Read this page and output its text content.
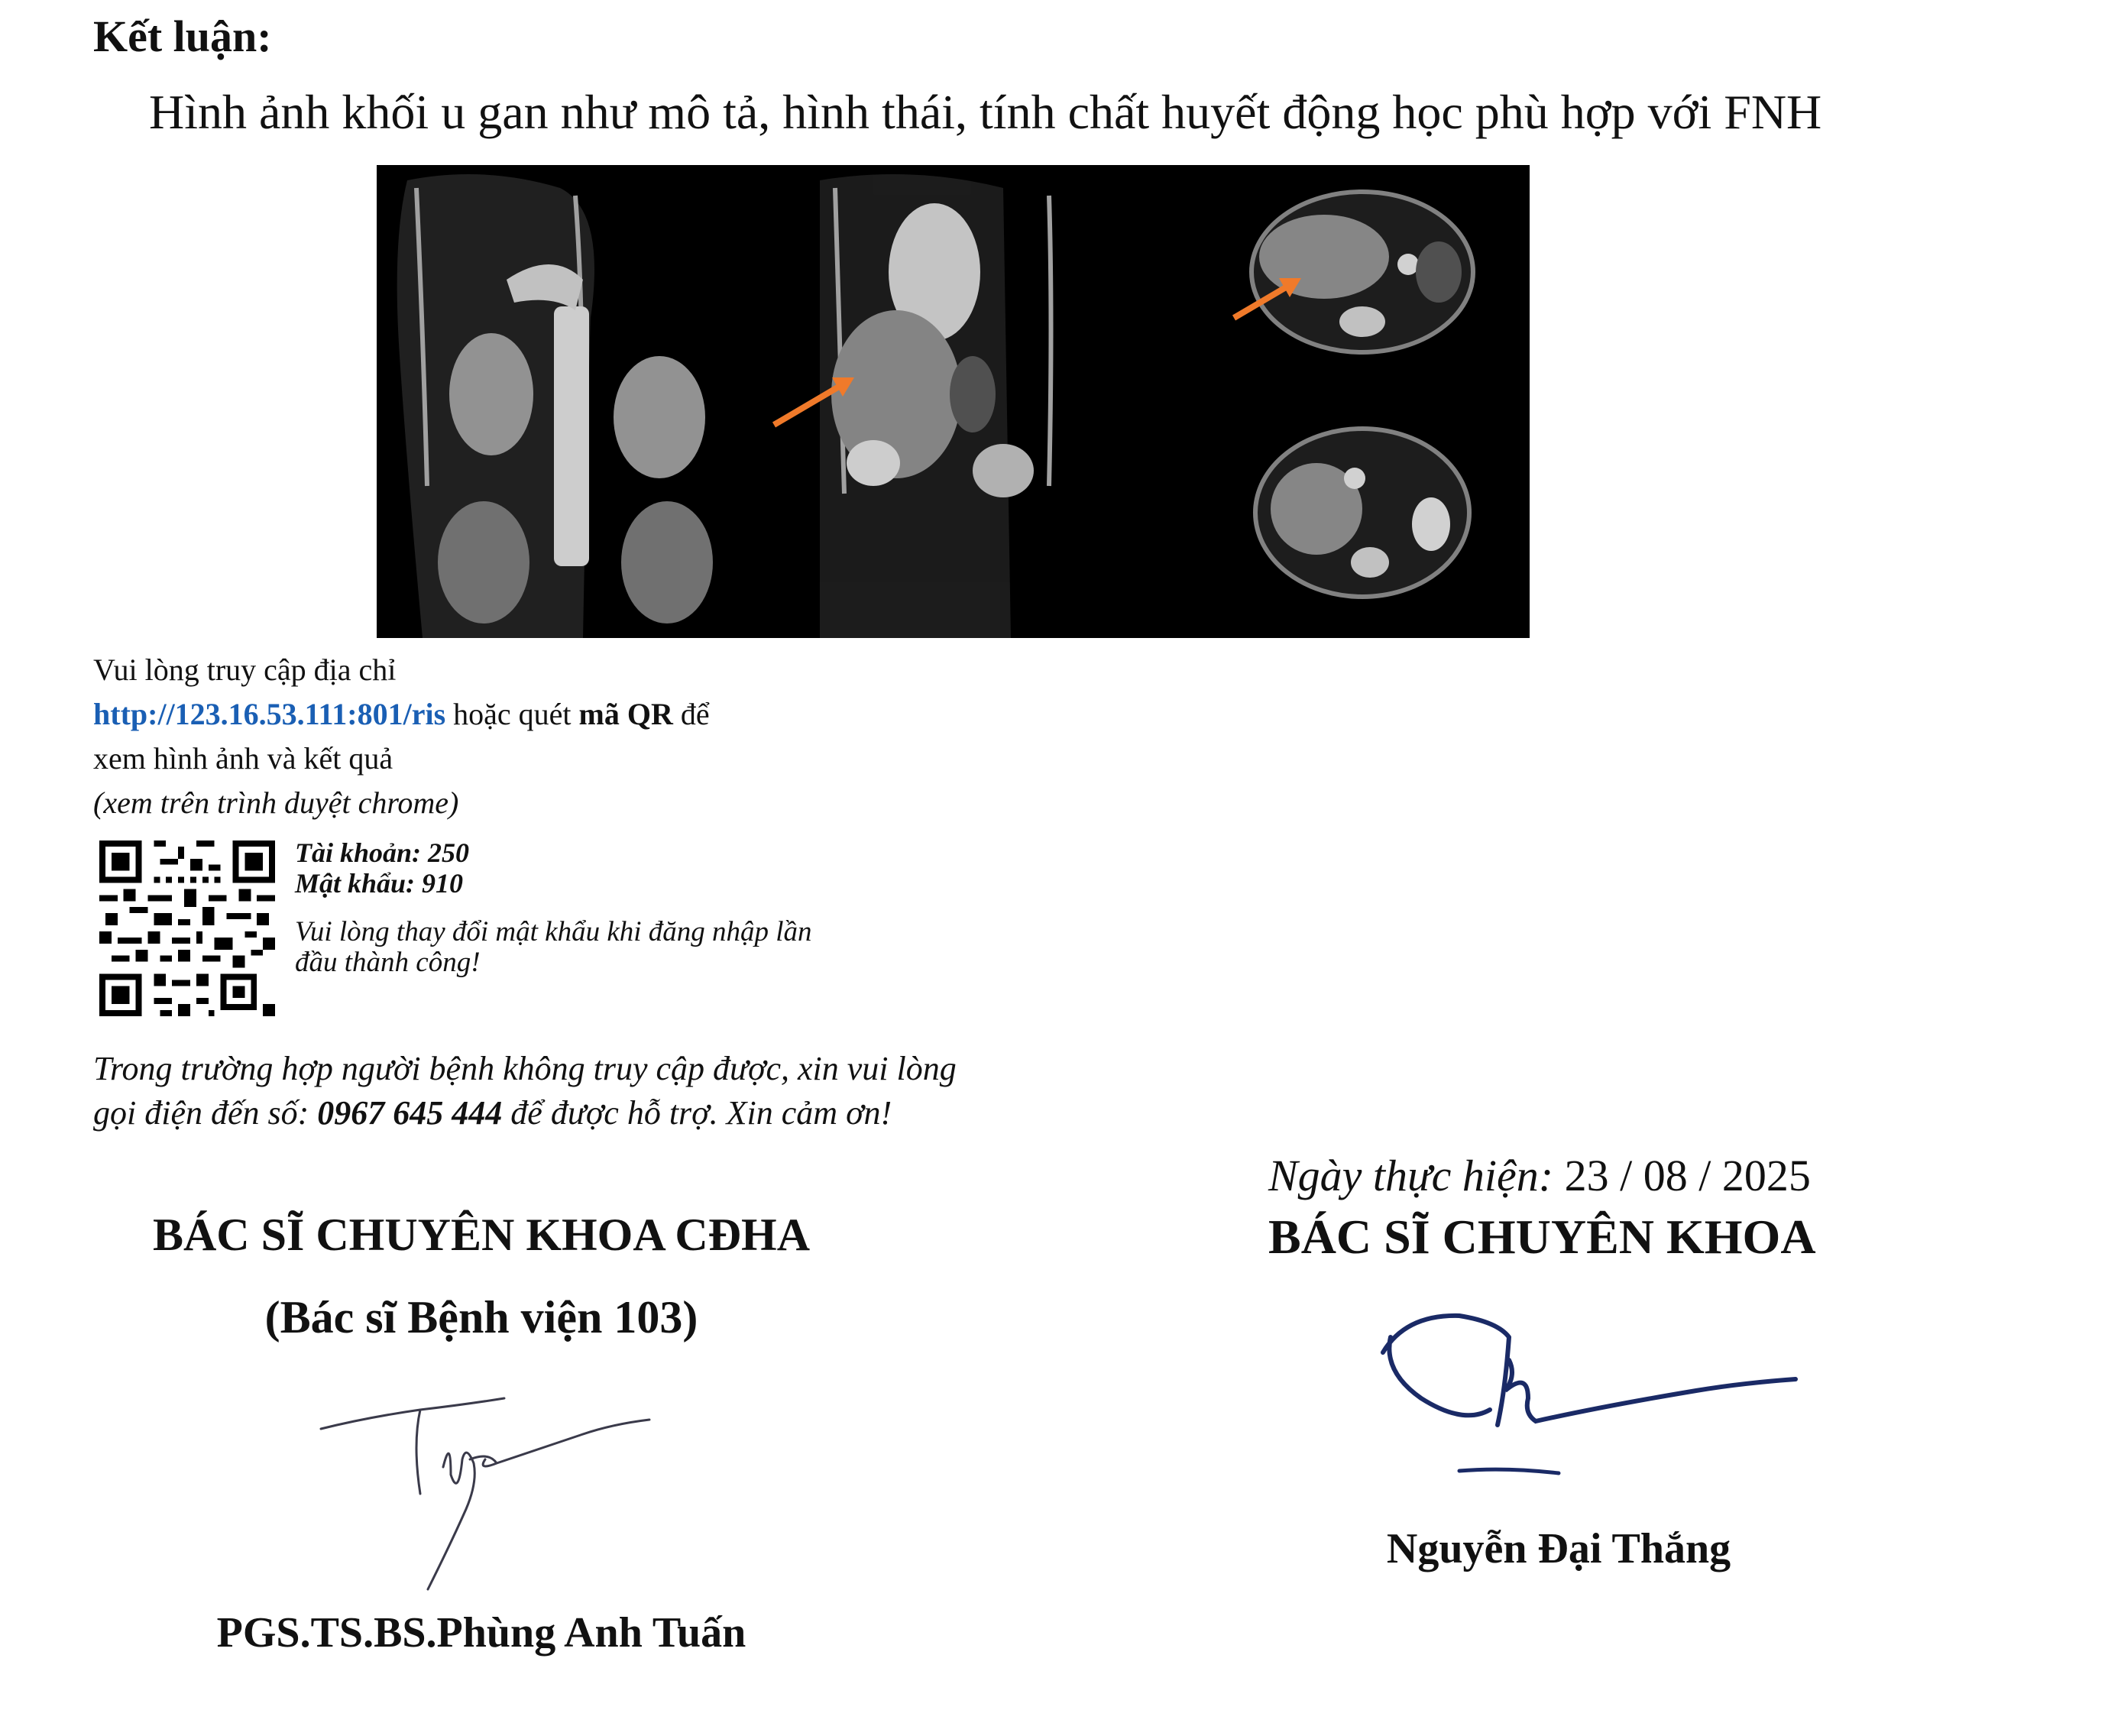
Kết luận:
Hình ảnh khối u gan như mô tả, hình thái, tính chất huyết động học phù hợp với FNH
Vui lòng truy cập địa chỉ
http://123.16.53.111:801/ris hoặc quét mã QR để
xem hình ảnh và kết quả
(xem trên trình duyệt chrome)
Tài khoản: 250
Mật khẩu: 910
Vui lòng thay đổi mật khẩu khi đăng nhập lần
đầu thành công!
Trong trường hợp người bệnh không truy cập được, xin vui lòng
gọi điện đến số: 0967 645 444 để được hỗ trợ. Xin cảm ơn!
BÁC SĨ CHUYÊN KHOA CĐHA
(Bác sĩ Bệnh viện 103)
PGS.TS.BS.Phùng Anh Tuấn
Ngày thực hiện: 23 / 08 / 2025
BÁC SĨ CHUYÊN KHOA
Nguyễn Đại Thắng
